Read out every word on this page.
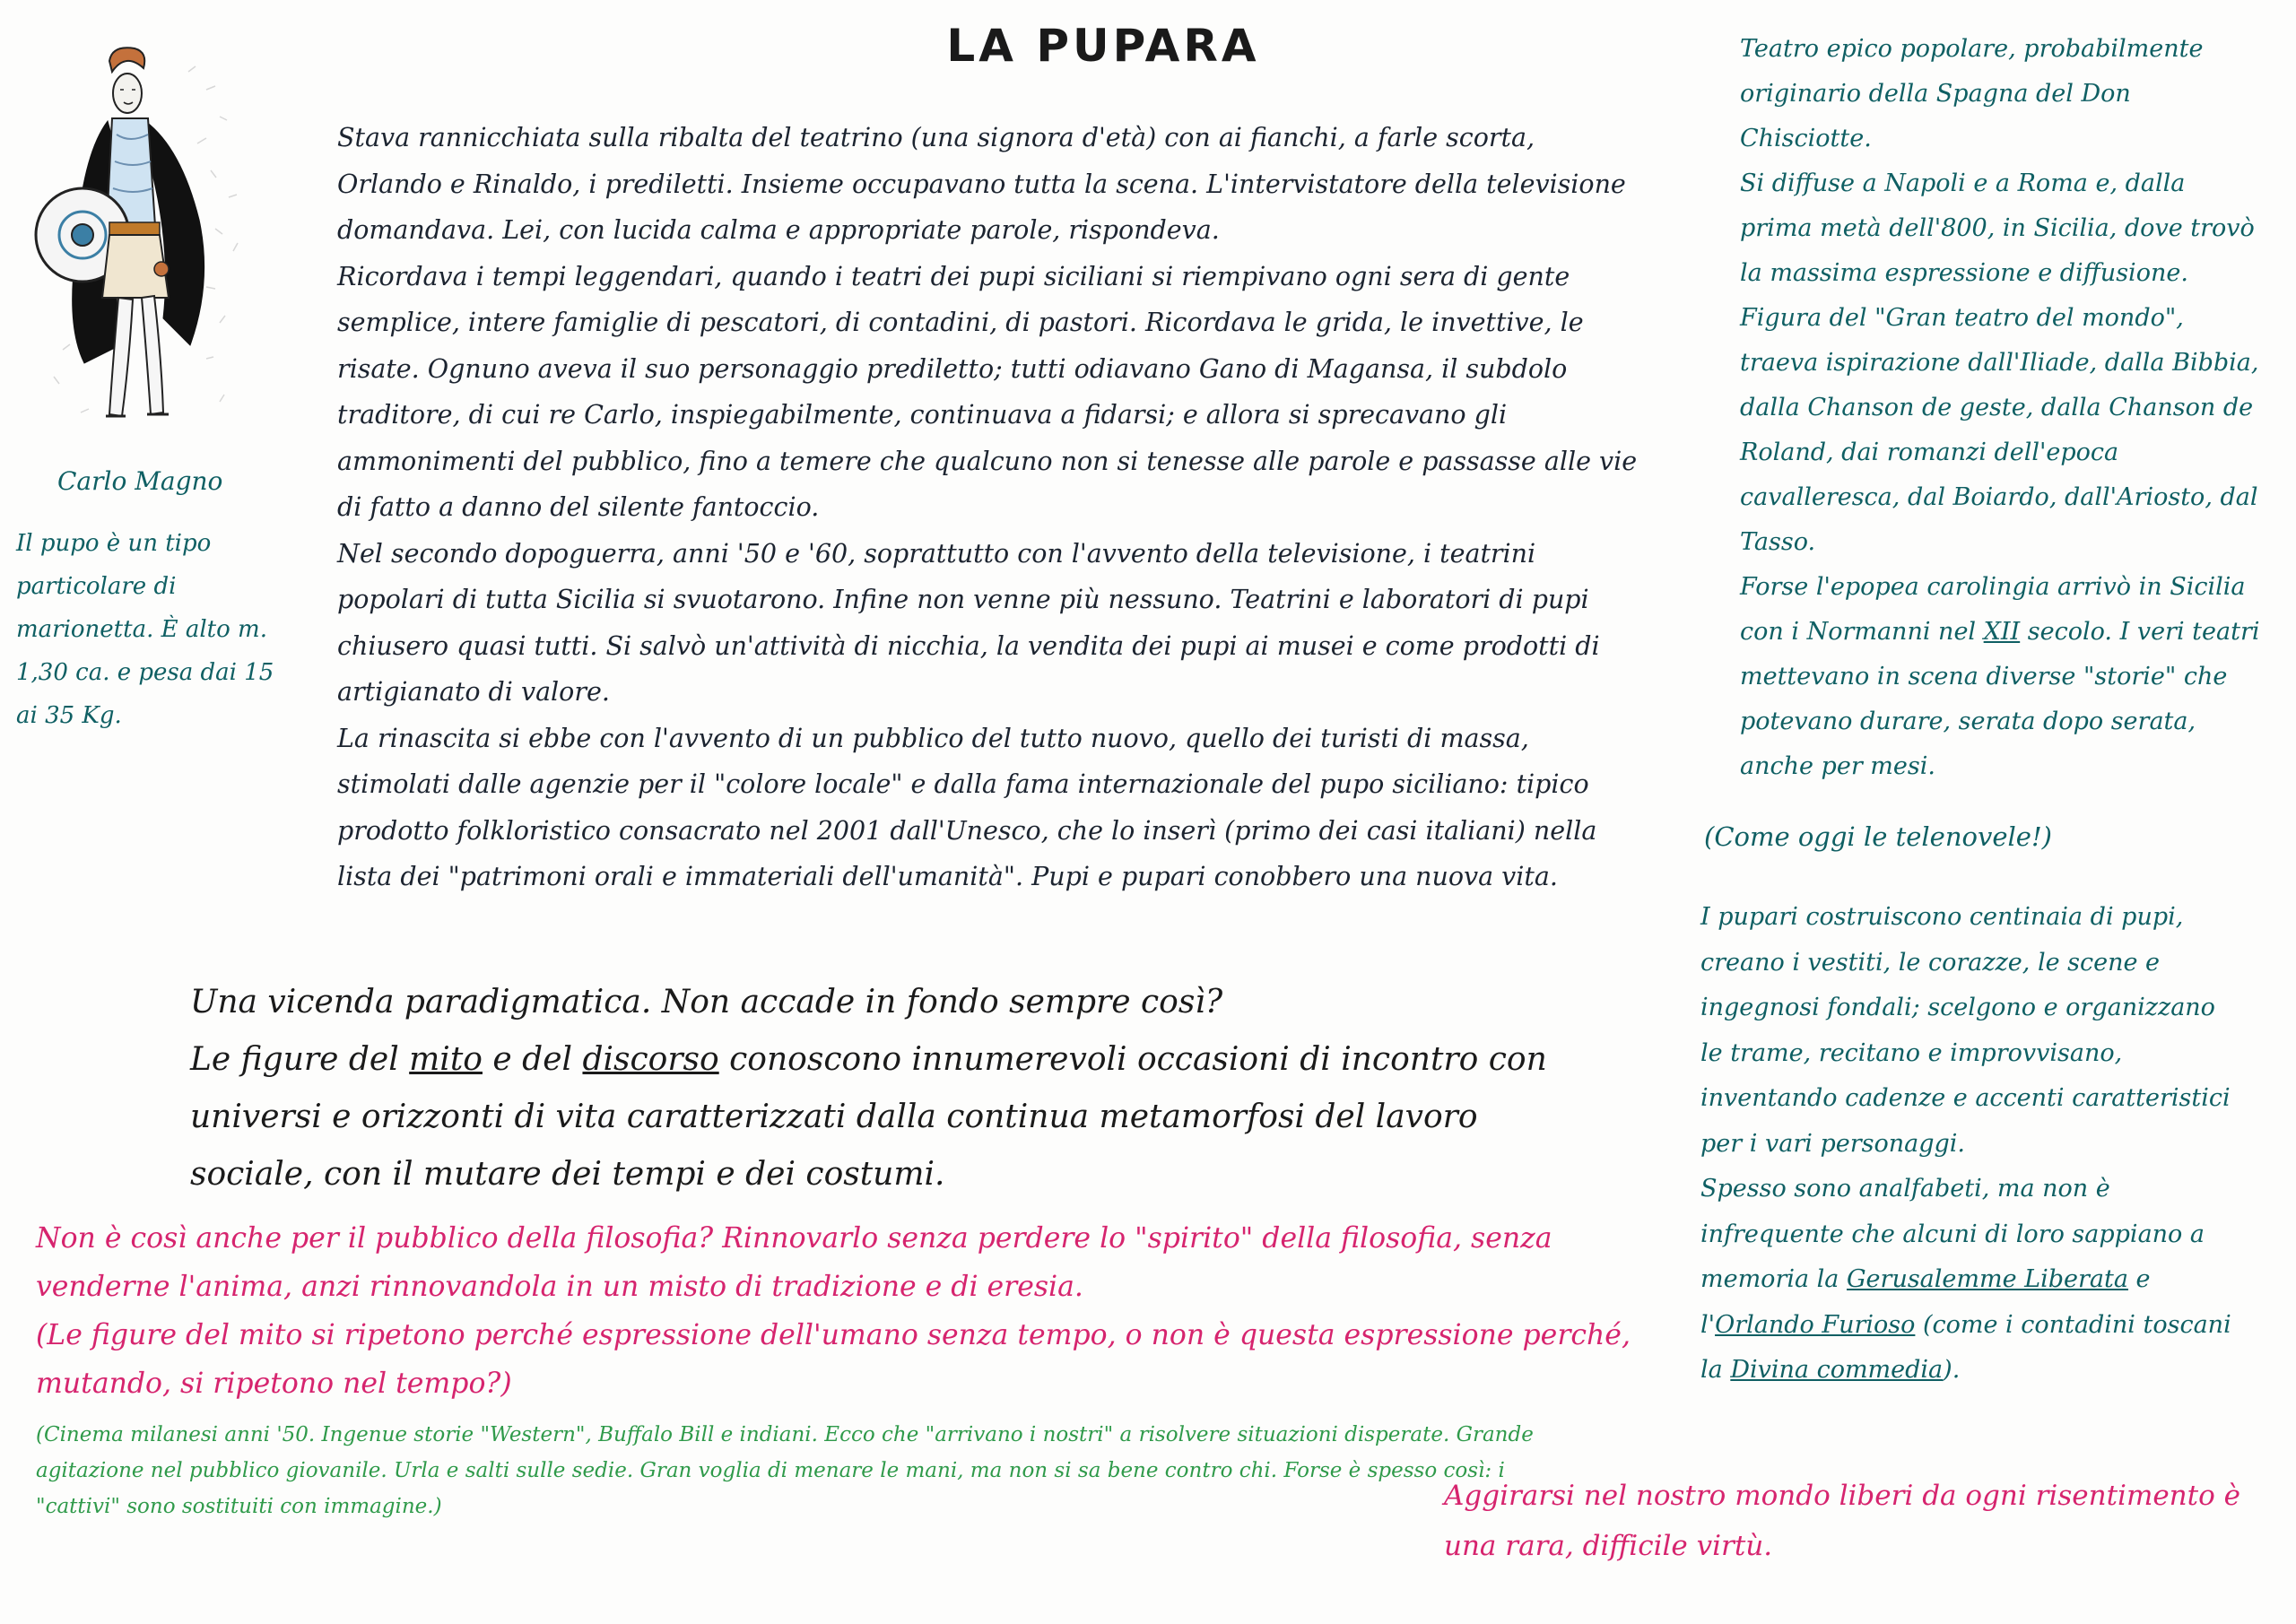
LA PUPARA
Carlo Magno
Il pupo è un tipo particolare di marionetta. È alto m. 1,30 ca. e pesa dai 15 ai 35 Kg.

Stava rannicchiata sulla ribalta del teatrino (una signora d'età) con ai fianchi, a farle scorta, Orlando e Rinaldo, i prediletti. Insieme occupavano tutta la scena. L'intervistatore della televisione domandava. Lei, con lucida calma e appropriate parole, rispondeva.

Ricordava i tempi leggendari, quando i teatri dei pupi siciliani si riempivano ogni sera di gente semplice, intere famiglie di pescatori, di contadini, di pastori. Ricordava le grida, le invettive, le risate. Ognuno aveva il suo personaggio prediletto; tutti odiavano Gano di Magansa, il subdolo traditore, di cui re Carlo, inspiegabilmente, continuava a fidarsi; e allora si sprecavano gli ammonimenti del pubblico, fino a temere che qualcuno non si tenesse alle parole e passasse alle vie di fatto a danno del silente fantoccio.

Nel secondo dopoguerra, anni '50 e '60, soprattutto con l'avvento della televisione, i teatrini popolari di tutta Sicilia si svuotarono. Infine non venne più nessuno. Teatrini e laboratori di pupi chiusero quasi tutti. Si salvò un'attività di nicchia, la vendita dei pupi ai musei e come prodotti di artigianato di valore.

La rinascita si ebbe con l'avvento di un pubblico del tutto nuovo, quello dei turisti di massa, stimolati dalle agenzie per il "colore locale" e dalla fama internazionale del pupo siciliano: tipico prodotto folkloristico consacrato nel 2001 dall'Unesco, che lo inserì (primo dei casi italiani) nella lista dei "patrimoni orali e immateriali dell'umanità". Pupi e pupari conobbero una nuova vita.

Una vicenda paradigmatica. Non accade in fondo sempre così?

Le figure del mito e del discorso conoscono innumerevoli occasioni di incontro con universi e orizzonti di vita caratterizzati dalla continua metamorfosi del lavoro sociale, con il mutare dei tempi e dei costumi.

Non è così anche per il pubblico della filosofia? Rinnovarlo senza perdere lo "spirito" della filosofia, senza venderne l'anima, anzi rinnovandola in un misto di tradizione e di eresia.

(Le figure del mito si ripetono perché espressione dell'umano senza tempo, o non è questa espressione perché, mutando, si ripetono nel tempo?)

(Cinema milanesi anni '50. Ingenue storie "Western", Buffalo Bill e indiani. Ecco che "arrivano i nostri" a risolvere situazioni disperate. Grande agitazione nel pubblico giovanile. Urla e salti sulle sedie. Gran voglia di menare le mani, ma non si sa bene contro chi. Forse è spesso così: i "cattivi" sono sostituiti con immagine.)

Teatro epico popolare, probabilmente originario della Spagna del Don Chisciotte.

Si diffuse a Napoli e a Roma e, dalla prima metà dell'800, in Sicilia, dove trovò la massima espressione e diffusione.

Figura del "Gran teatro del mondo", traeva ispirazione dall'Iliade, dalla Bibbia, dalla Chanson de geste, dalla Chanson de Roland, dai romanzi dell'epoca cavalleresca, dal Boiardo, dall'Ariosto, dal Tasso.

Forse l'epopea carolingia arrivò in Sicilia con i Normanni nel XII secolo. I veri teatri mettevano in scena diverse "storie" che potevano durare, serata dopo serata, anche per mesi.

(Come oggi le telenovele!)

I pupari costruiscono centinaia di pupi, creano i vestiti, le corazze, le scene e ingegnosi fondali; scelgono e organizzano le trame, recitano e improvvisano, inventando cadenze e accenti caratteristici per i vari personaggi.

Spesso sono analfabeti, ma non è infrequente che alcuni di loro sappiano a memoria la Gerusalemme Liberata e l'Orlando Furioso (come i contadini toscani la Divina commedia).

Aggirarsi nel nostro mondo liberi da ogni risentimento è una rara, difficile virtù.
